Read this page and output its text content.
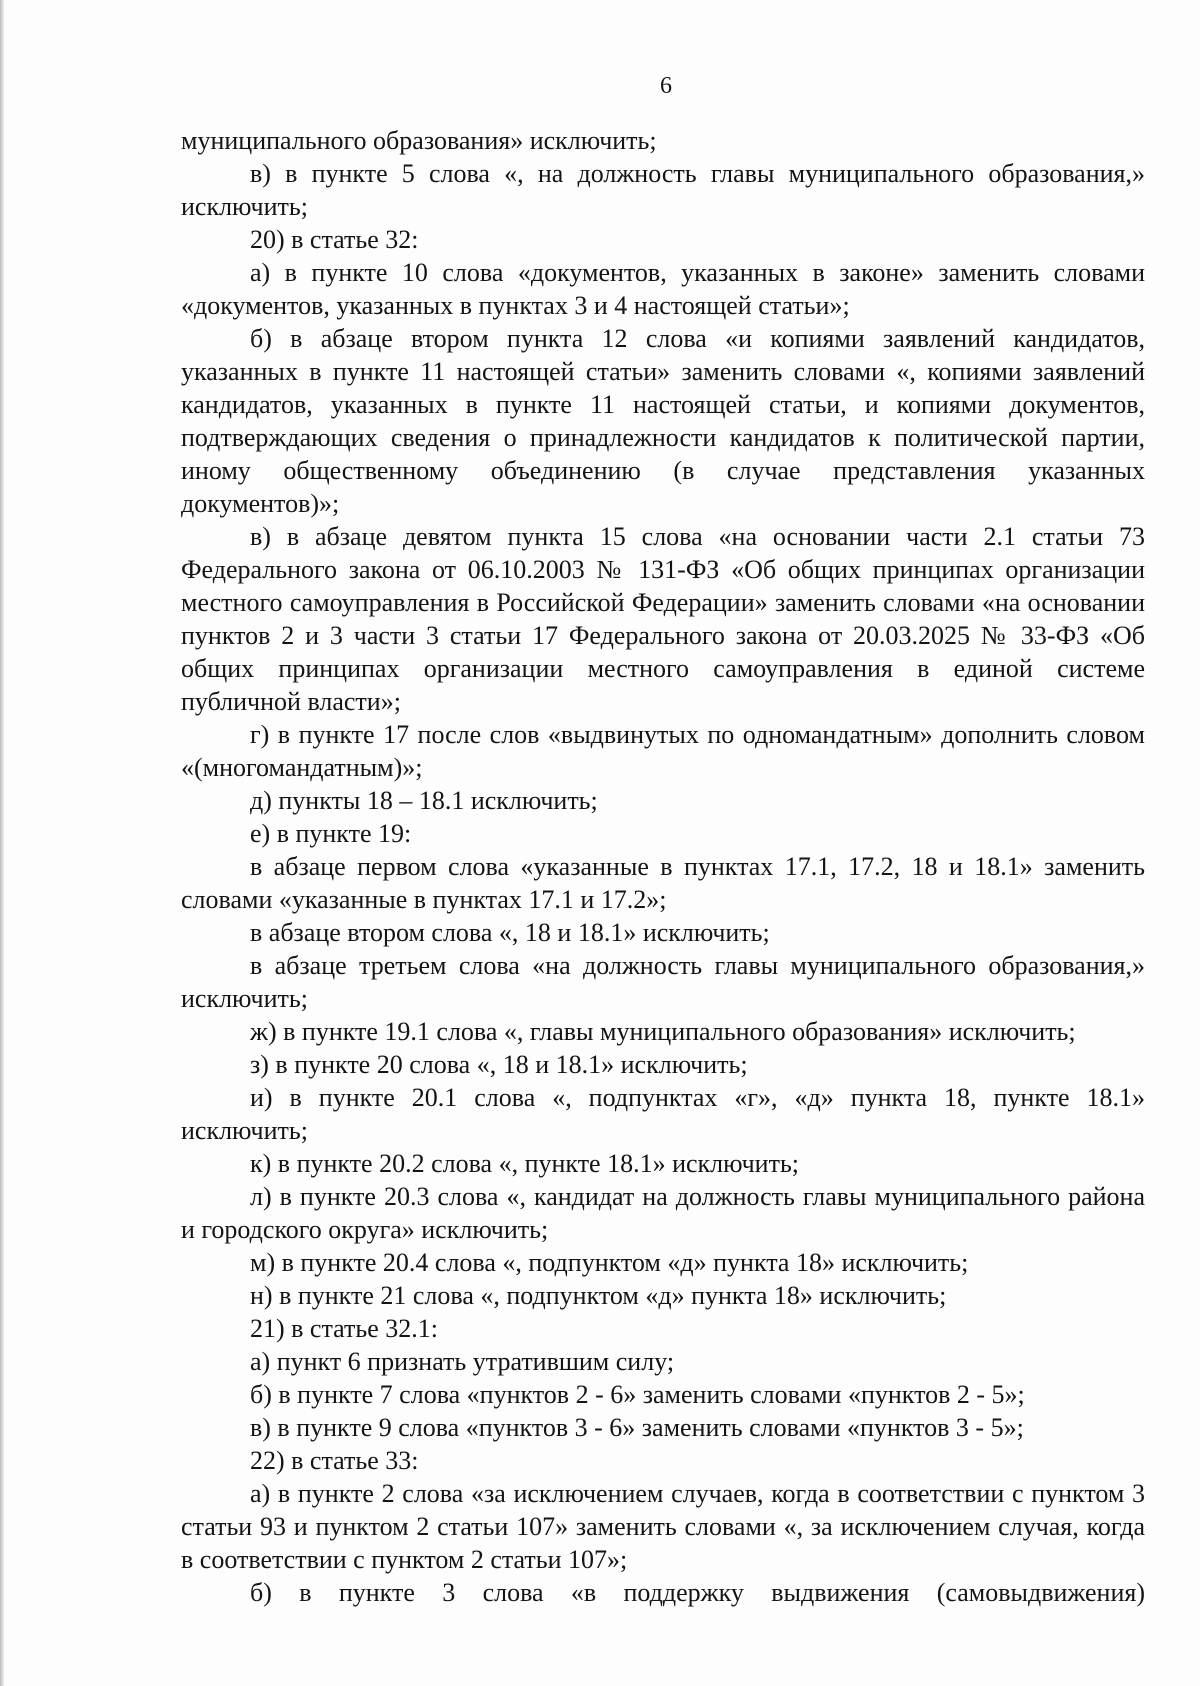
6

муниципального образования» исключить;

в) в пункте 5 слова «, на должность главы муниципального образования,» исключить;

20) в статье 32:

а) в пункте 10 слова «документов, указанных в законе» заменить словами «документов, указанных в пунктах 3 и 4 настоящей статьи»;

б) в абзаце втором пункта 12 слова «и копиями заявлений кандидатов, указанных в пункте 11 настоящей статьи» заменить словами «, копиями заявлений кандидатов, указанных в пункте 11 настоящей статьи, и копиями документов, подтверждающих сведения о принадлежности кандидатов к политической партии, иному общественному объединению (в случае представления указанных документов)»;

в) в абзаце девятом пункта 15 слова «на основании части 2.1 статьи 73 Федерального закона от 06.10.2003 № 131-ФЗ «Об общих принципах организации местного самоуправления в Российской Федерации» заменить словами «на основании пунктов 2 и 3 части 3 статьи 17 Федерального закона от 20.03.2025 № 33-ФЗ «Об общих принципах организации местного самоуправления в единой системе публичной власти»;

г) в пункте 17 после слов «выдвинутых по одномандатным» дополнить словом «(многомандатным)»;

д) пункты 18 – 18.1 исключить;

е) в пункте 19:

в абзаце первом слова «указанные в пунктах 17.1, 17.2, 18 и 18.1» заменить словами «указанные в пунктах 17.1 и 17.2»;

в абзаце втором слова «, 18 и 18.1» исключить;

в абзаце третьем слова «на должность главы муниципального образования,» исключить;

ж) в пункте 19.1 слова «, главы муниципального образования» исключить;

з) в пункте 20 слова «, 18 и 18.1» исключить;

и) в пункте 20.1 слова «, подпунктах «г», «д» пункта 18, пункте 18.1» исключить;

к) в пункте 20.2 слова «, пункте 18.1» исключить;

л) в пункте 20.3 слова «, кандидат на должность главы муниципального района и городского округа» исключить;

м) в пункте 20.4 слова «, подпунктом «д» пункта 18» исключить;

н) в пункте 21 слова «, подпунктом «д» пункта 18» исключить;

21) в статье 32.1:

а) пункт 6 признать утратившим силу;

б) в пункте 7 слова «пунктов 2 - 6» заменить словами «пунктов 2 - 5»;

в) в пункте 9 слова «пунктов 3 - 6» заменить словами «пунктов 3 - 5»;

22) в статье 33:

а) в пункте 2 слова «за исключением случаев, когда в соответствии с пунктом 3 статьи 93 и пунктом 2 статьи 107» заменить словами «, за исключением случая, когда в соответствии с пунктом 2 статьи 107»;

б) в пункте 3 слова «в поддержку выдвижения (самовыдвижения)
